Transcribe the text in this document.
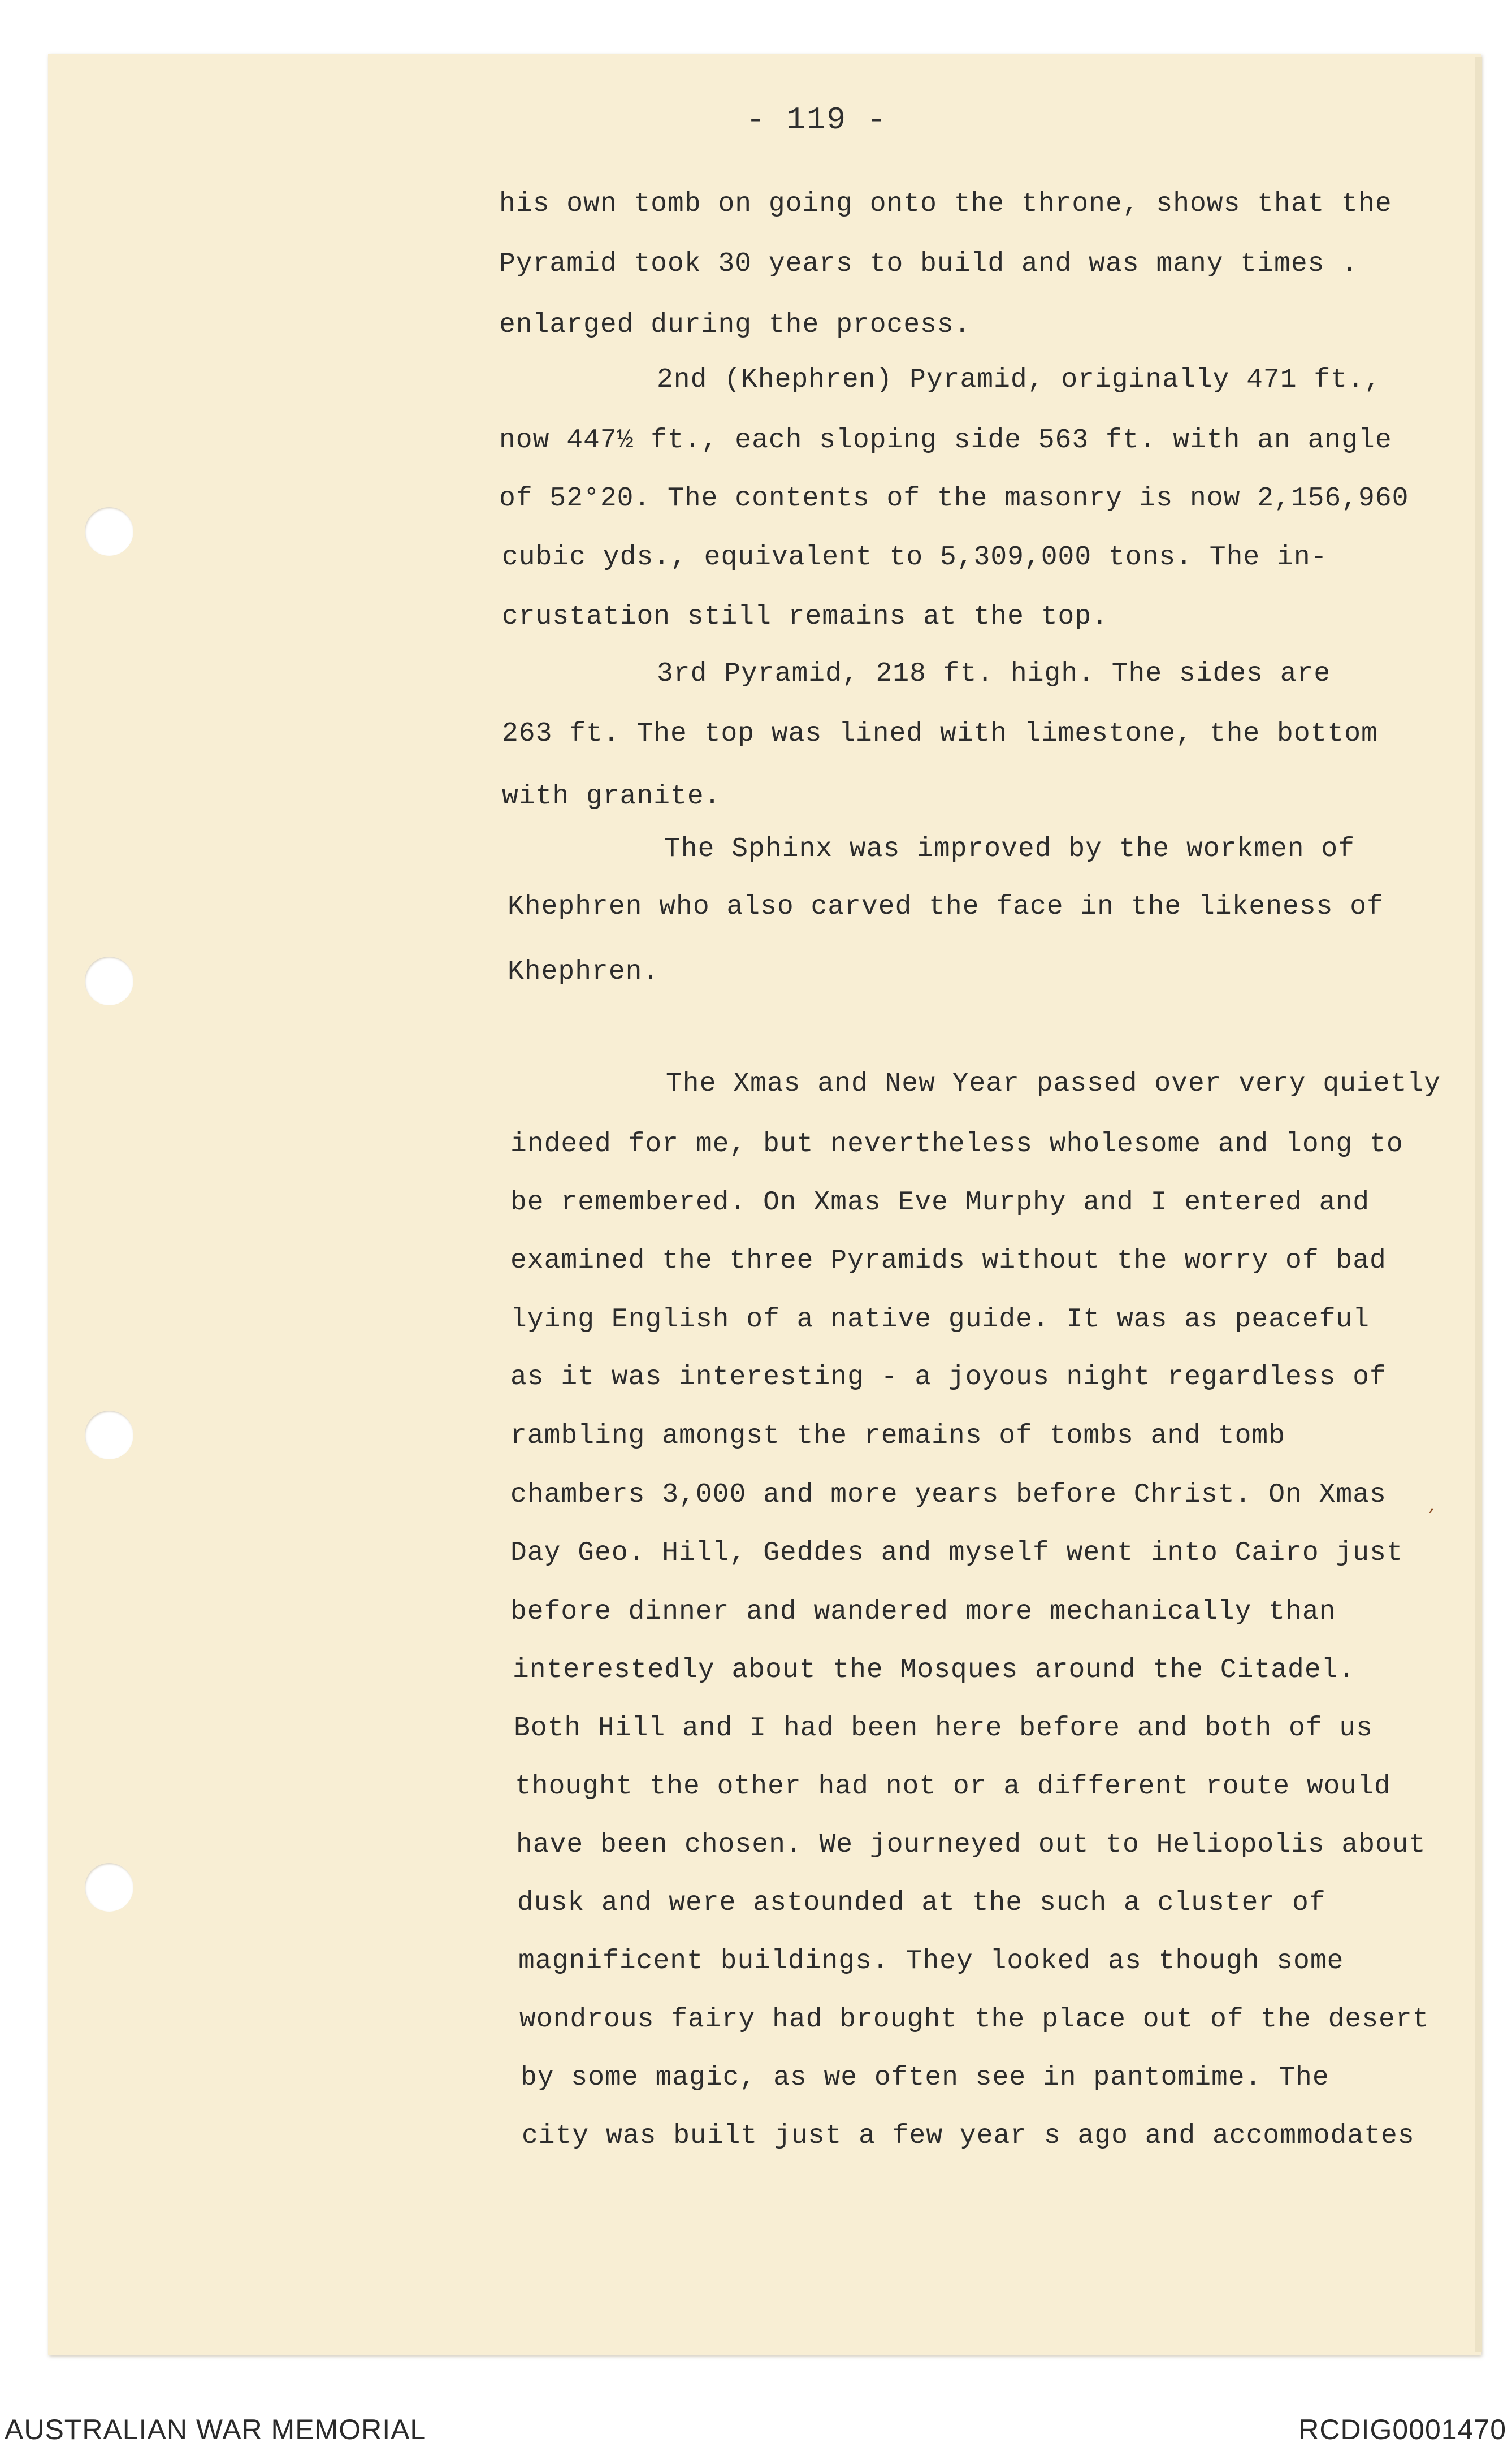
- 119 -
his own tomb on going onto the throne, shows that the
Pyramid took 30 years to build and was many times .
enlarged during the process.
2nd (Khephren) Pyramid, originally 471 ft.,
now 447½ ft., each sloping side 563 ft. with an angle
of 52°20. The contents of the masonry is now 2,156,960
cubic yds., equivalent to 5,309,000 tons. The in-
crustation still remains at the top.
3rd Pyramid, 218 ft. high. The sides are
263 ft. The top was lined with limestone, the bottom
with granite.
The Sphinx was improved by the workmen of
Khephren who also carved the face in the likeness of
Khephren.
The Xmas and New Year passed over very quietly
indeed for me, but nevertheless wholesome and long to
be remembered. On Xmas Eve Murphy and I entered and
examined the three Pyramids without the worry of bad
lying English of a native guide. It was as peaceful
as it was interesting - a joyous night regardless of
rambling amongst the remains of tombs and tomb
chambers 3,000 and more years before Christ. On Xmas
Day Geo. Hill, Geddes and myself went into Cairo just
before dinner and wandered more mechanically than
interestedly about the Mosques around the Citadel.
Both Hill and I had been here before and both of us
thought the other had not or a different route would
have been chosen. We journeyed out to Heliopolis about
dusk and were astounded at the such a cluster of
magnificent buildings. They looked as though some
wondrous fairy had brought the place out of the desert
by some magic, as we often see in pantomime. The
city was built just a few year s ago and accommodates
′
AUSTRALIAN WAR MEMORIAL	RCDIG0001470
